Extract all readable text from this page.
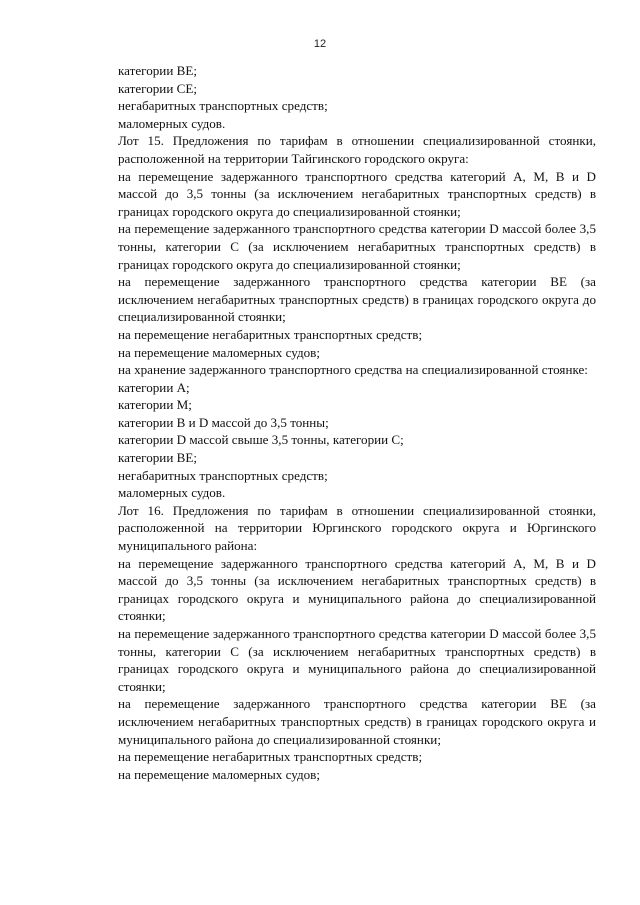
12

категории BE;

категории CE;

негабаритных транспортных средств;

маломерных судов.

Лот 15. Предложения по тарифам в отношении специализированной стоянки, расположенной на территории Тайгинского городского округа:

на перемещение задержанного транспортного средства категорий A, M, B и D массой до 3,5 тонны (за исключением негабаритных транспортных средств) в границах городского округа до специализированной стоянки;

на перемещение задержанного транспортного средства категории D массой более 3,5 тонны, категории C (за исключением негабаритных транспортных средств) в границах городского округа до специализированной стоянки;

на перемещение задержанного транспортного средства категории BE (за исключением негабаритных транспортных средств) в границах городского округа до специализированной стоянки;

на перемещение негабаритных транспортных средств;

на перемещение маломерных судов;

на хранение задержанного транспортного средства на специализированной стоянке:

категории A;

категории M;

категории B и D массой до 3,5 тонны;

категории D массой свыше 3,5 тонны, категории C;

категории BE;

негабаритных транспортных средств;

маломерных судов.

Лот 16. Предложения по тарифам в отношении специализированной стоянки, расположенной на территории Юргинского городского округа и Юргинского муниципального района:

на перемещение задержанного транспортного средства категорий A, M, B и D массой до 3,5 тонны (за исключением негабаритных транспортных средств) в границах городского округа и муниципального района до специализированной стоянки;

на перемещение задержанного транспортного средства категории D массой более 3,5 тонны, категории C (за исключением негабаритных транспортных средств) в границах городского округа и муниципального района до специализированной стоянки;

на перемещение задержанного транспортного средства категории BE (за исключением негабаритных транспортных средств) в границах городского округа и муниципального района до специализированной стоянки;

на перемещение негабаритных транспортных средств;

на перемещение маломерных судов;
